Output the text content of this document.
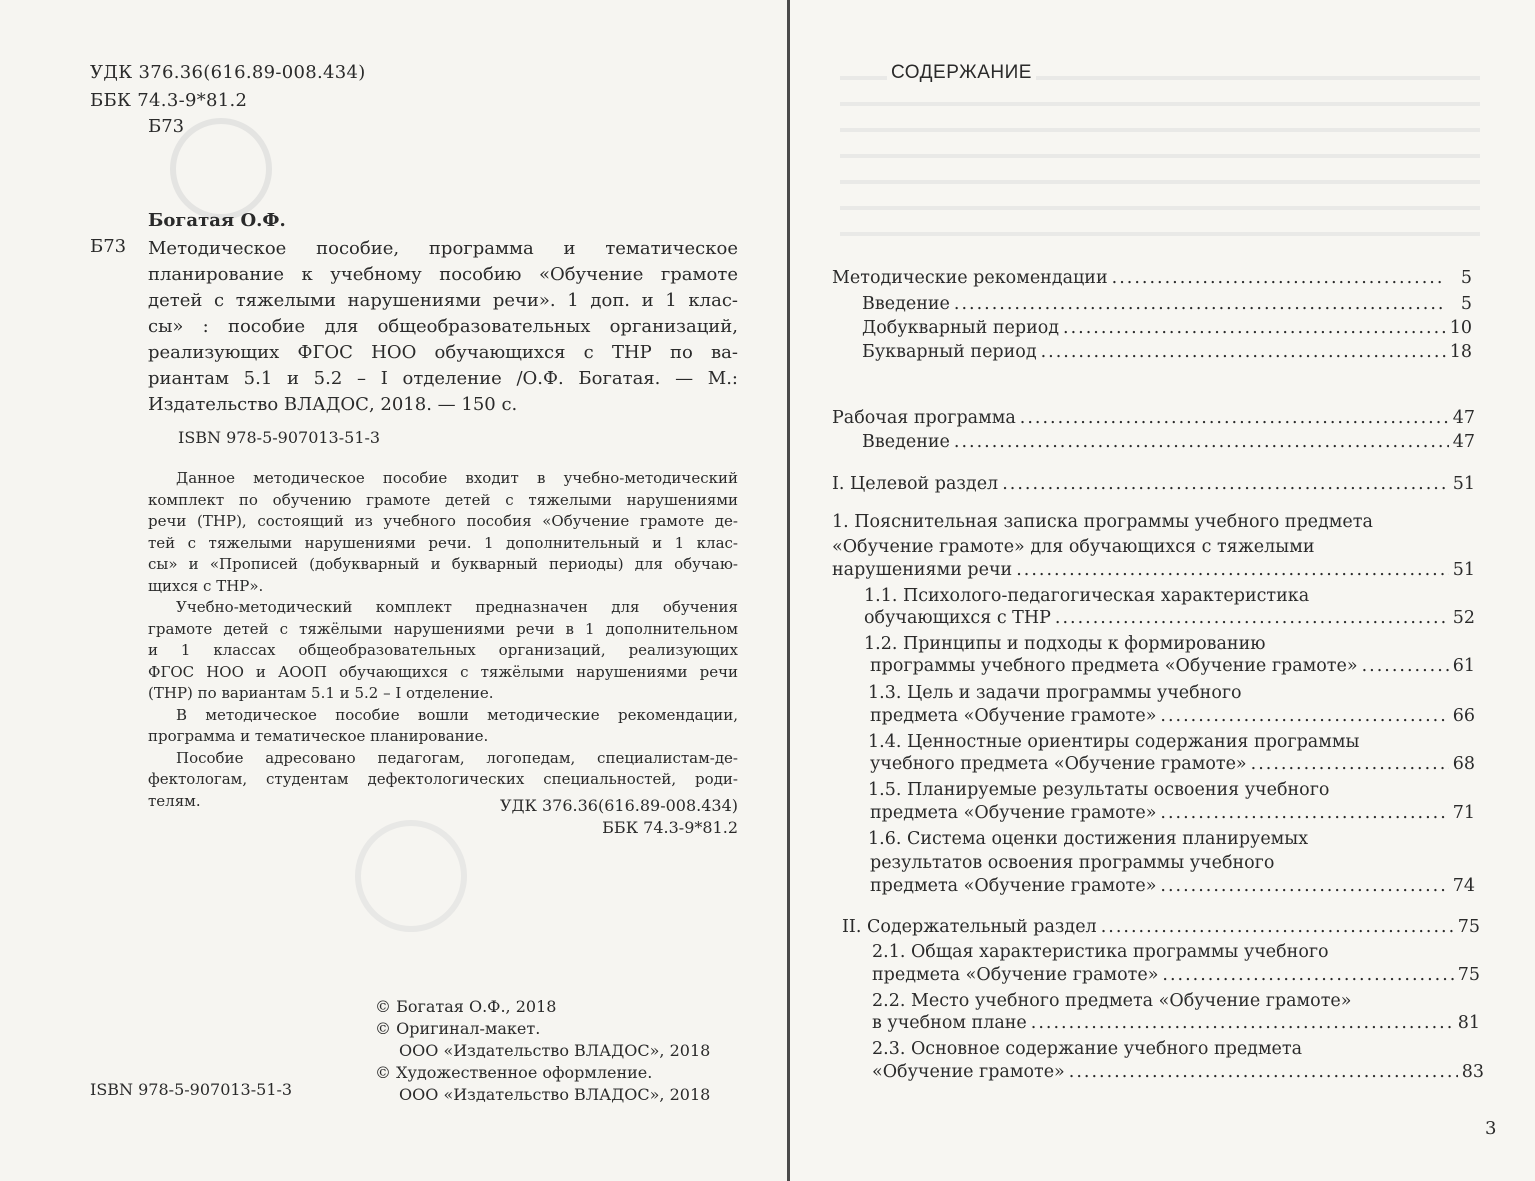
УДК 376.36(616.89-008.434)
ББК 74.3-9*81.2
Б73
Богатая О.Ф.
Б73 Методическое пособие, программа и тематическое
планирование к учебному пособию «Обучение грамоте
детей с тяжелыми нарушениями речи». 1 доп. и 1 клас-
сы» : пособие для общеобразовательных организаций,
реализующих ФГОС НОО обучающихся с ТНР по ва-
риантам 5.1 и 5.2 – I отделение /О.Ф. Богатая. — М.:
Издательство ВЛАДОС, 2018. — 150 с.
ISBN 978-5-907013-51-3
Данное методическое пособие входит в учебно-методический
комплект по обучению грамоте детей с тяжелыми нарушениями
речи (ТНР), состоящий из учебного пособия «Обучение грамоте де-
тей с тяжелыми нарушениями речи. 1 дополнительный и 1 клас-
сы» и «Прописей (добукварный и букварный периоды) для обучаю-
щихся с ТНР».
Учебно-методический комплект предназначен для обучения
грамоте детей с тяжёлыми нарушениями речи в 1 дополнительном
и 1 классах общеобразовательных организаций, реализующих
ФГОС НОО и АООП обучающихся с тяжёлыми нарушениями речи
(ТНР) по вариантам 5.1 и 5.2 – I отделение.
В методическое пособие вошли методические рекомендации,
программа и тематическое планирование.
Пособие адресовано педагогам, логопедам, специалистам-де-
фектологам, студентам дефектологических специальностей, роди-
телям.	УДК 376.36(616.89-008.434)
ББК 74.3-9*81.2
© Богатая О.Ф., 2018
© Оригинал-макет.
ООО «Издательство ВЛАДОС», 2018
© Художественное оформление.
ООО «Издательство ВЛАДОС», 2018
ISBN 978-5-907013-51-3
СОДЕРЖАНИЕ
Методические рекомендации .....	5
Введение .....	5
Добукварный период .....	10
Букварный период .....	18
Рабочая программа .....	47
Введение .....	47
I. Целевой раздел .....	51
1. Пояснительная записка программы учебного предмета
«Обучение грамоте» для обучающихся с тяжелыми
нарушениями речи .....	51
1.1. Психолого-педагогическая характеристика
обучающихся с ТНР .....	52
1.2. Принципы и подходы к формированию
программы учебного предмета «Обучение грамоте» .....	61
1.3. Цель и задачи программы учебного
предмета «Обучение грамоте» .....	66
1.4. Ценностные ориентиры содержания программы
учебного предмета «Обучение грамоте» .....	68
1.5. Планируемые результаты освоения учебного
предмета «Обучение грамоте» .....	71
1.6. Система оценки достижения планируемых
результатов освоения программы учебного
предмета «Обучение грамоте» .....	74
II. Содержательный раздел .....	75
2.1. Общая характеристика программы учебного
предмета «Обучение грамоте» .....	75
2.2. Место учебного предмета «Обучение грамоте»
в учебном плане .....	81
2.3. Основное содержание учебного предмета
«Обучение грамоте» .....	83
3
